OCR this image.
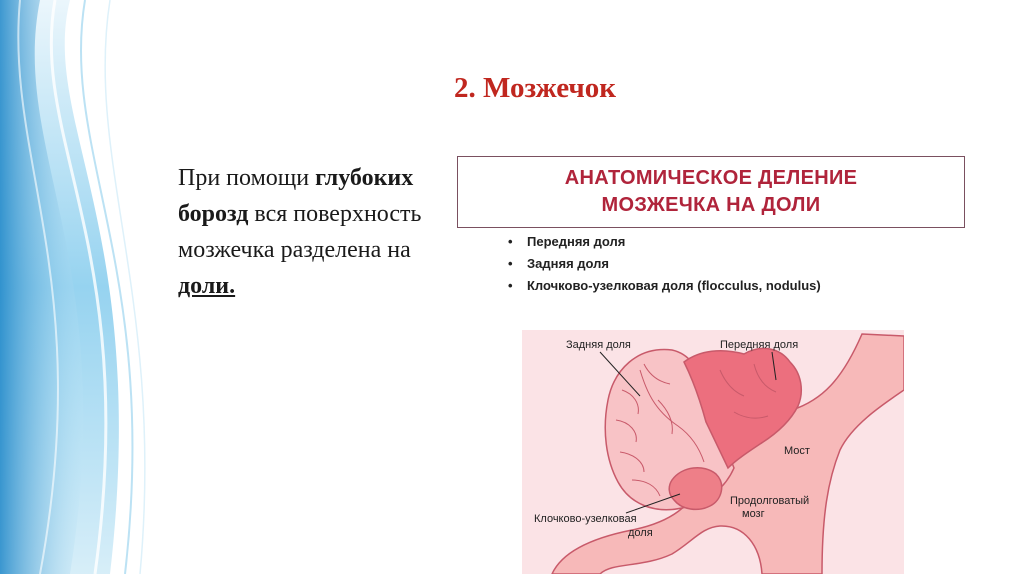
2. Мозжечок
При помощи глубоких борозд вся поверхность мозжечка разделена на доли.
АНАТОМИЧЕСКОЕ ДЕЛЕНИЕ
МОЗЖЕЧКА НА ДОЛИ
• Передняя доля
• Задняя доля
• Клочково-узелковая доля (flocculus, nodulus)
Задняя доля	Передняя доля
Мост
Продолговатый
мозг
Клочково-узелковая
доля
